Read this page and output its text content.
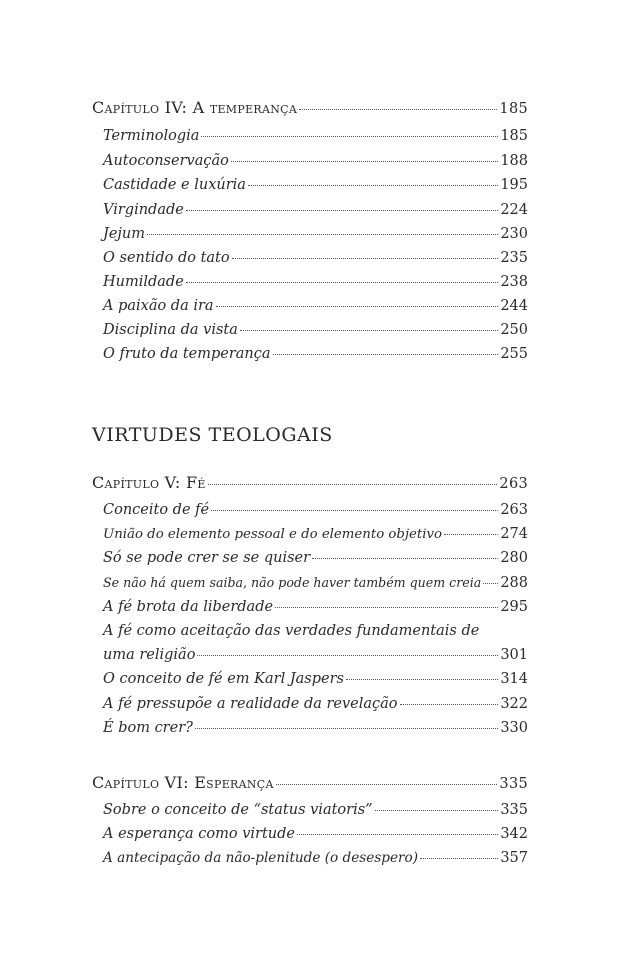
Capítulo IV: A temperança	185
Terminologia	185
Autoconservação	188
Castidade e luxúria	195
Virgindade	224
Jejum	230
O sentido do tato	235
Humildade	238
A paixão da ira	244
Disciplina da vista	250
O fruto da temperança	255
VIRTUDES TEOLOGAIS
Capítulo V: Fé	263
Conceito de fé	263
União do elemento pessoal e do elemento objetivo	274
Só se pode crer se se quiser	280
Se não há quem saiba, não pode haver também quem creia 288
A fé brota da liberdade	295
A fé como aceitação das verdades fundamentais de
uma religião	301
O conceito de fé em Karl Jaspers	314
A fé pressupõe a realidade da revelação	322
É bom crer?	330
Capítulo VI: Esperança	335
Sobre o conceito de “status viatoris”	335
A esperança como virtude	342
A antecipação da não-plenitude (o desespero)	357
